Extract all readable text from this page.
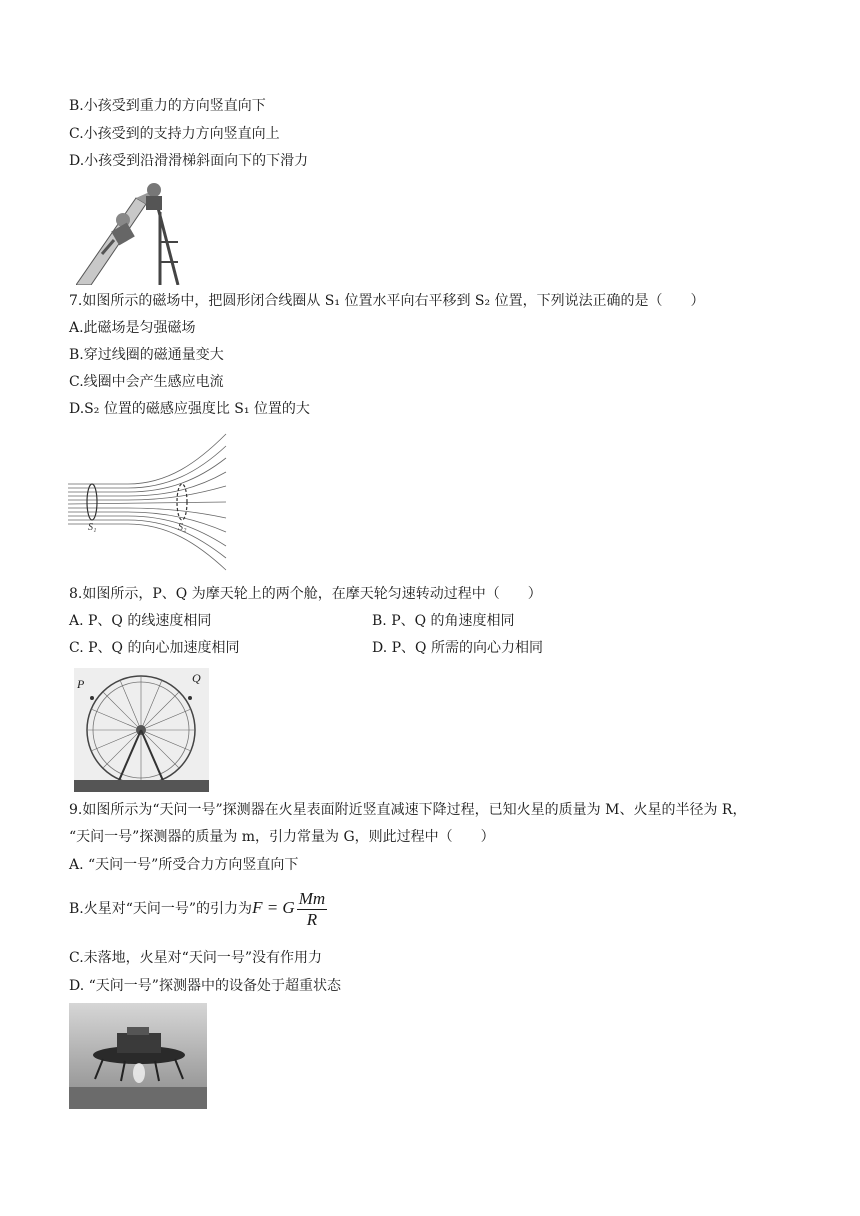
B.小孩受到重力的方向竖直向下
C.小孩受到的支持力方向竖直向上
D.小孩受到沿滑滑梯斜面向下的下滑力
7.如图所示的磁场中，把圆形闭合线圈从 S₁ 位置水平向右平移到 S₂ 位置，下列说法正确的是（　　）
A.此磁场是匀强磁场
B.穿过线圈的磁通量变大
C.线圈中会产生感应电流
D.S₂ 位置的磁感应强度比 S₁ 位置的大
S₁	S₂
8.如图所示，P、Q 为摩天轮上的两个舱，在摩天轮匀速转动过程中（　　）
A. P、Q 的线速度相同	B. P、Q 的角速度相同
C. P、Q 的向心加速度相同	D. P、Q 所需的向心力相同
P	Q
9.如图所示为“天问一号”探测器在火星表面附近竖直减速下降过程，已知火星的质量为 M、火星的半径为 R，
“天问一号”探测器的质量为 m，引力常量为 G，则此过程中（　　）
A. “天问一号”所受合力方向竖直向下
B.火星对“天问一号”的引力为F = G $\frac{Mm}{R}$
C.未落地，火星对“天问一号”没有作用力
D. “天问一号”探测器中的设备处于超重状态
